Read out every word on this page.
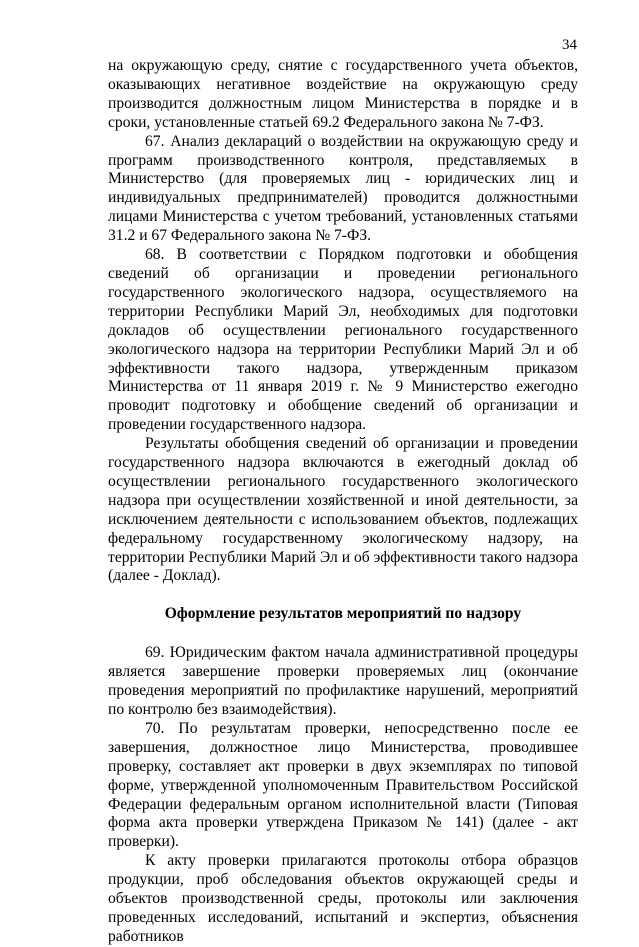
34

на окружающую среду, снятие с государственного учета объектов, оказывающих негативное воздействие на окружающую среду производится должностным лицом Министерства в порядке и в сроки, установленные статьей 69.2 Федерального закона № 7-ФЗ.

67. Анализ деклараций о воздействии на окружающую среду и программ производственного контроля, представляемых в Министерство (для проверяемых лиц - юридических лиц и индивидуальных предпринимателей) проводится должностными лицами Министерства с учетом требований, установленных статьями 31.2 и 67 Федерального закона № 7-ФЗ.

68. В соответствии с Порядком подготовки и обобщения сведений об организации и проведении регионального государственного экологического надзора, осуществляемого на территории Республики Марий Эл, необходимых для подготовки докладов об осуществлении регионального государственного экологического надзора на территории Республики Марий Эл и об эффективности такого надзора, утвержденным приказом Министерства от 11 января 2019 г. № 9 Министерство ежегодно проводит подготовку и обобщение сведений об организации и проведении государственного надзора.

Результаты обобщения сведений об организации и проведении государственного надзора включаются в ежегодный доклад об осуществлении регионального государственного экологического надзора при осуществлении хозяйственной и иной деятельности, за исключением деятельности с использованием объектов, подлежащих федеральному государственному экологическому надзору, на территории Республики Марий Эл и об эффективности такого надзора (далее - Доклад).

Оформление результатов мероприятий по надзору

69. Юридическим фактом начала административной процедуры является завершение проверки проверяемых лиц (окончание проведения мероприятий по профилактике нарушений, мероприятий по контролю без взаимодействия).

70. По результатам проверки, непосредственно после ее завершения, должностное лицо Министерства, проводившее проверку, составляет акт проверки в двух экземплярах по типовой форме, утвержденной уполномоченным Правительством Российской Федерации федеральным органом исполнительной власти (Типовая форма акта проверки утверждена Приказом № 141) (далее - акт проверки).

К акту проверки прилагаются протоколы отбора образцов продукции, проб обследования объектов окружающей среды и объектов производственной среды, протоколы или заключения проведенных исследований, испытаний и экспертиз, объяснения работников
